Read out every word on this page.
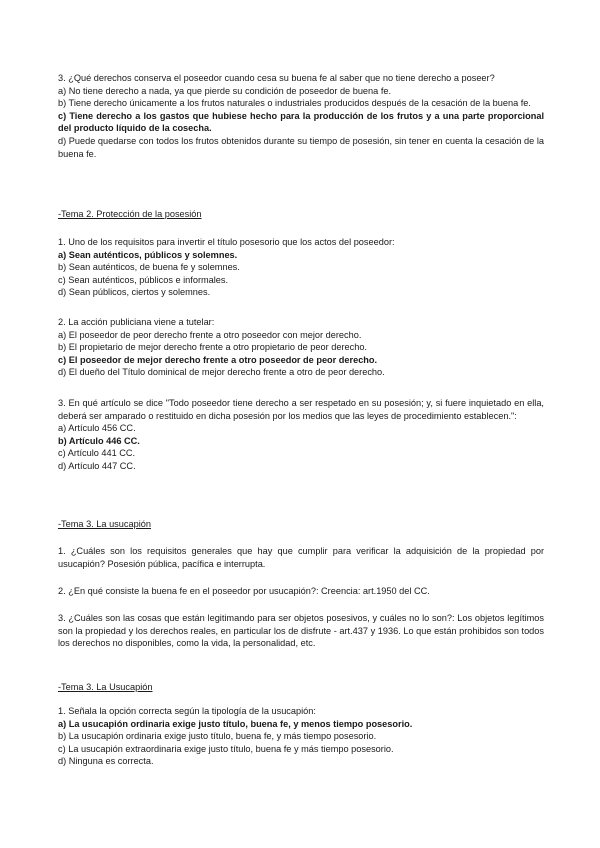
3. ¿Qué derechos conserva el poseedor cuando cesa su buena fe al saber que no tiene derecho a poseer?

a) No tiene derecho a nada, ya que pierde su condición de poseedor de buena fe.

b) Tiene derecho únicamente a los frutos naturales o industriales producidos después de la cesación de la buena fe.

c) Tiene derecho a los gastos que hubiese hecho para la producción de los frutos y a una parte proporcional del producto líquido de la cosecha.

d) Puede quedarse con todos los frutos obtenidos durante su tiempo de posesión, sin tener en cuenta la cesación de la buena fe.

-Tema 2. Protección de la posesión

1. Uno de los requisitos para invertir el título posesorio que los actos del poseedor:

a) Sean auténticos, públicos y solemnes.

b) Sean auténticos, de buena fe y solemnes.

c) Sean auténticos, públicos e informales.

d) Sean públicos, ciertos y solemnes.

2. La acción publiciana viene a tutelar:

a) El poseedor de peor derecho frente a otro poseedor con mejor derecho.

b) El propietario de mejor derecho frente a otro propietario de peor derecho.

c) El poseedor de mejor derecho frente a otro poseedor de peor derecho.

d) El dueño del Título dominical de mejor derecho frente a otro de peor derecho.

3. En qué artículo se dice "Todo poseedor tiene derecho a ser respetado en su posesión; y, si fuere inquietado en ella, deberá ser amparado o restituido en dicha posesión por los medios que las leyes de procedimiento establecen.":

a) Artículo 456 CC.

b) Artículo 446 CC.

c) Artículo 441 CC.

d) Artículo 447 CC.

-Tema 3. La usucapión

1. ¿Cuáles son los requisitos generales que hay que cumplir para verificar la adquisición de la propiedad por usucapión? Posesión pública, pacífica e interrupta.

2. ¿En qué consiste la buena fe en el poseedor por usucapión?: Creencia: art.1950 del CC.

3. ¿Cuáles son las cosas que están legitimando para ser objetos posesivos, y cuáles no lo son?: Los objetos legítimos son la propiedad y los derechos reales, en particular los de disfrute - art.437 y 1936. Lo que están prohibidos son todos los derechos no disponibles, como la vida, la personalidad, etc.

-Tema 3. La Usucapión

1. Señala la opción correcta según la tipología de la usucapión:

a) La usucapión ordinaria exige justo título, buena fe, y menos tiempo posesorio.

b) La usucapión ordinaria exige justo título, buena fe, y más tiempo posesorio.

c) La usucapión extraordinaria exige justo título, buena fe y más tiempo posesorio.

d) Ninguna es correcta.
